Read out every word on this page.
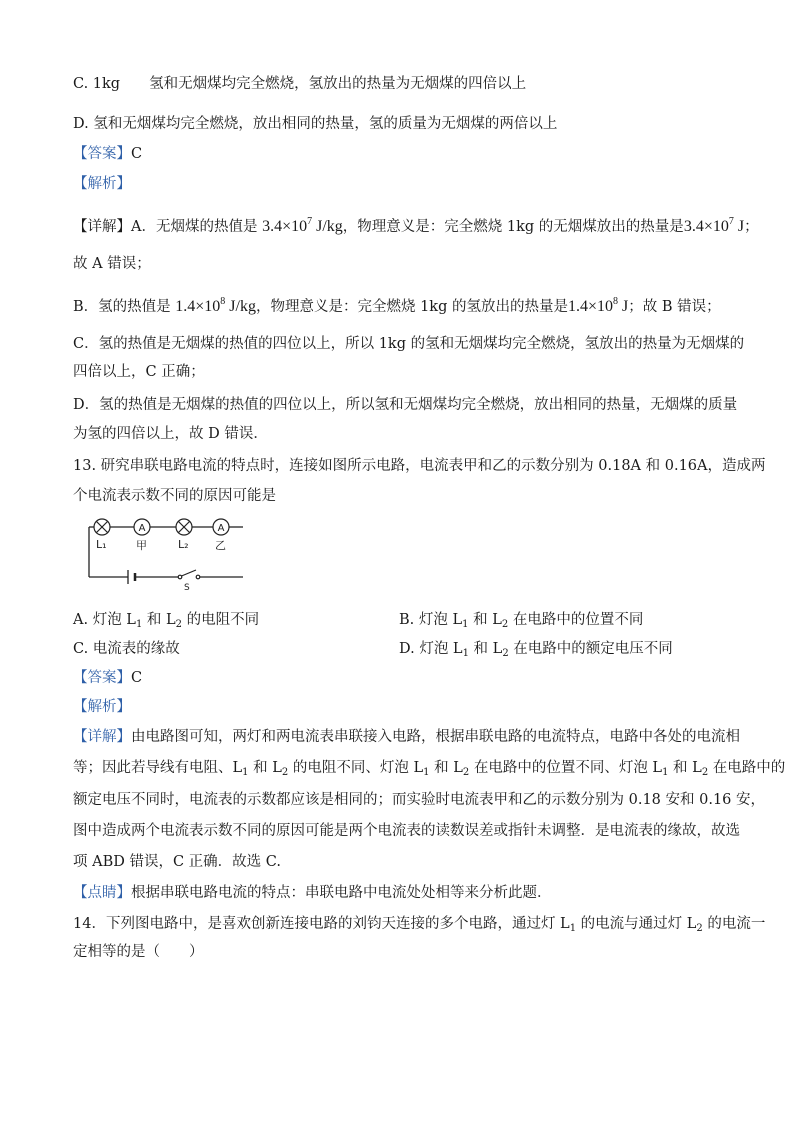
C. 1kg　　氢和无烟煤均完全燃烧，氢放出的热量为无烟煤的四倍以上
D. 氢和无烟煤均完全燃烧，放出相同的热量，氢的质量为无烟煤的两倍以上
【答案】C
【解析】
【详解】A．无烟煤的热值是 $3.4\times 10^7$ J/kg，物理意义是：完全燃烧 1kg 的无烟煤放出的热量是$3.4\times 10^7$ J；
故 A 错误；
B．氢的热值是 $1.4\times 10^8$ J/kg，物理意义是：完全燃烧 1kg 的氢放出的热量是$1.4\times 10^8$ J；故 B 错误；
C．氢的热值是无烟煤的热值的四位以上，所以 1kg 的氢和无烟煤均完全燃烧，氢放出的热量为无烟煤的
四倍以上，C 正确；
D．氢的热值是无烟煤的热值的四位以上，所以氢和无烟煤均完全燃烧，放出相同的热量，无烟煤的质量
为氢的四倍以上，故 D 错误．
13. 研究串联电路电流的特点时，连接如图所示电路，电流表甲和乙的示数分别为 0.18A 和 0.16A，造成两
个电流表示数不同的原因可能是
A	A
L₁	甲	L₂ 乙
S
A. 灯泡 $L_1$ 和 $L_2$ 的电阻不同	B. 灯泡 $L_1$ 和 $L_2$ 在电路中的位置不同
C. 电流表的缘故	D. 灯泡 $L_1$ 和 $L_2$ 在电路中的额定电压不同
【答案】C
【解析】
【详解】由电路图可知，两灯和两电流表串联接入电路，根据串联电路的电流特点，电路中各处的电流相
等；因此若导线有电阻、$L_1$ 和 $L_2$ 的电阻不同、灯泡 $L_1$ 和 $L_2$ 在电路中的位置不同、灯泡 $L_1$ 和 $L_2$ 在电路中的
额定电压不同时，电流表的示数都应该是相同的；而实验时电流表甲和乙的示数分别为 0.18 安和 0.16 安，
图中造成两个电流表示数不同的原因可能是两个电流表的读数误差或指针未调整．是电流表的缘故，故选
项 ABD 错误，C 正确．故选 C.
【点睛】根据串联电路电流的特点：串联电路中电流处处相等来分析此题．
14．下列图电路中，是喜欢创新连接电路的刘钧天连接的多个电路，通过灯 $L_1$ 的电流与通过灯 $L_2$ 的电流一
定相等的是（　　）
